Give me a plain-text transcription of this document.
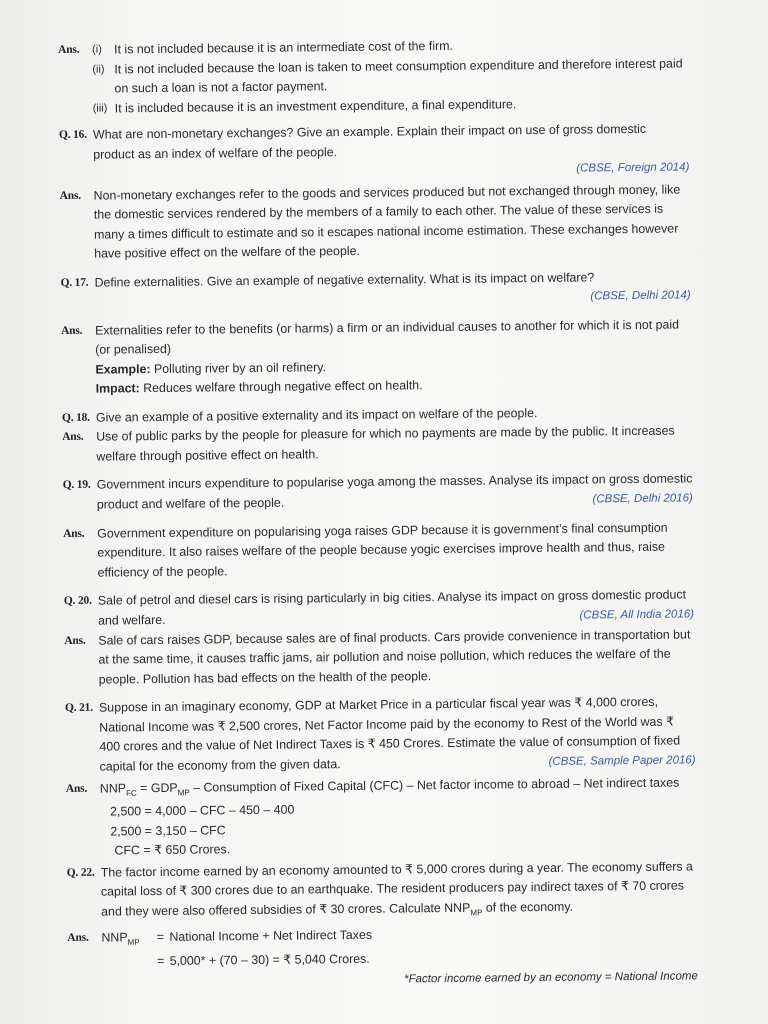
Ans. (i) It is not included because it is an intermediate cost of the firm.
(ii) It is not included because the loan is taken to meet consumption expenditure and therefore interest paid on such a loan is not a factor payment.
(iii) It is included because it is an investment expenditure, a final expenditure.
Q. 16. What are non-monetary exchanges? Give an example. Explain their impact on use of gross domestic product as an index of welfare of the people.
(CBSE, Foreign 2014)
Ans. Non-monetary exchanges refer to the goods and services produced but not exchanged through money, like the domestic services rendered by the members of a family to each other. The value of these services is many a times difficult to estimate and so it escapes national income estimation. These exchanges however have positive effect on the welfare of the people.
Q. 17. Define externalities. Give an example of negative externality. What is its impact on welfare?
(CBSE, Delhi 2014)
Ans. Externalities refer to the benefits (or harms) a firm or an individual causes to another for which it is not paid (or penalised)
Example: Polluting river by an oil refinery.
Impact: Reduces welfare through negative effect on health.
Q. 18. Give an example of a positive externality and its impact on welfare of the people.
Ans. Use of public parks by the people for pleasure for which no payments are made by the public. It increases welfare through positive effect on health.
Q. 19. Government incurs expenditure to popularise yoga among the masses. Analyse its impact on gross domestic product and welfare of the people.	(CBSE, Delhi 2016)
Ans. Government expenditure on popularising yoga raises GDP because it is government’s final consumption expenditure. It also raises welfare of the people because yogic exercises improve health and thus, raise efficiency of the people.
Q. 20. Sale of petrol and diesel cars is rising particularly in big cities. Analyse its impact on gross domestic product and welfare.	(CBSE, All India 2016)
Ans. Sale of cars raises GDP, because sales are of final products. Cars provide convenience in transportation but at the same time, it causes traffic jams, air pollution and noise pollution, which reduces the welfare of the people. Pollution has bad effects on the health of the people.
Q. 21. Suppose in an imaginary economy, GDP at Market Price in a particular fiscal year was ₹ 4,000 crores, National Income was ₹ 2,500 crores, Net Factor Income paid by the economy to Rest of the World was ₹ 400 crores and the value of Net Indirect Taxes is ₹ 450 Crores. Estimate the value of consumption of fixed capital for the economy from the given data.	(CBSE, Sample Paper 2016)
Ans. $NNP_{FC} = GDP_{MP}$ – Consumption of Fixed Capital (CFC) – Net factor income to abroad – Net indirect taxes
2,500 = 4,000 – CFC – 450 – 400
2,500 = 3,150 – CFC
CFC = ₹ 650 Crores.
Q. 22. The factor income earned by an economy amounted to ₹ 5,000 crores during a year. The economy suffers a capital loss of ₹ 300 crores due to an earthquake. The resident producers pay indirect taxes of ₹ 70 crores and they were also offered subsidies of ₹ 30 crores. Calculate $NNP_{MP}$ of the economy.
Ans. $NNP_{MP}$	= National Income + Net Indirect Taxes
= 5,000* + (70 – 30) = ₹ 5,040 Crores.
*Factor income earned by an economy = National Income
